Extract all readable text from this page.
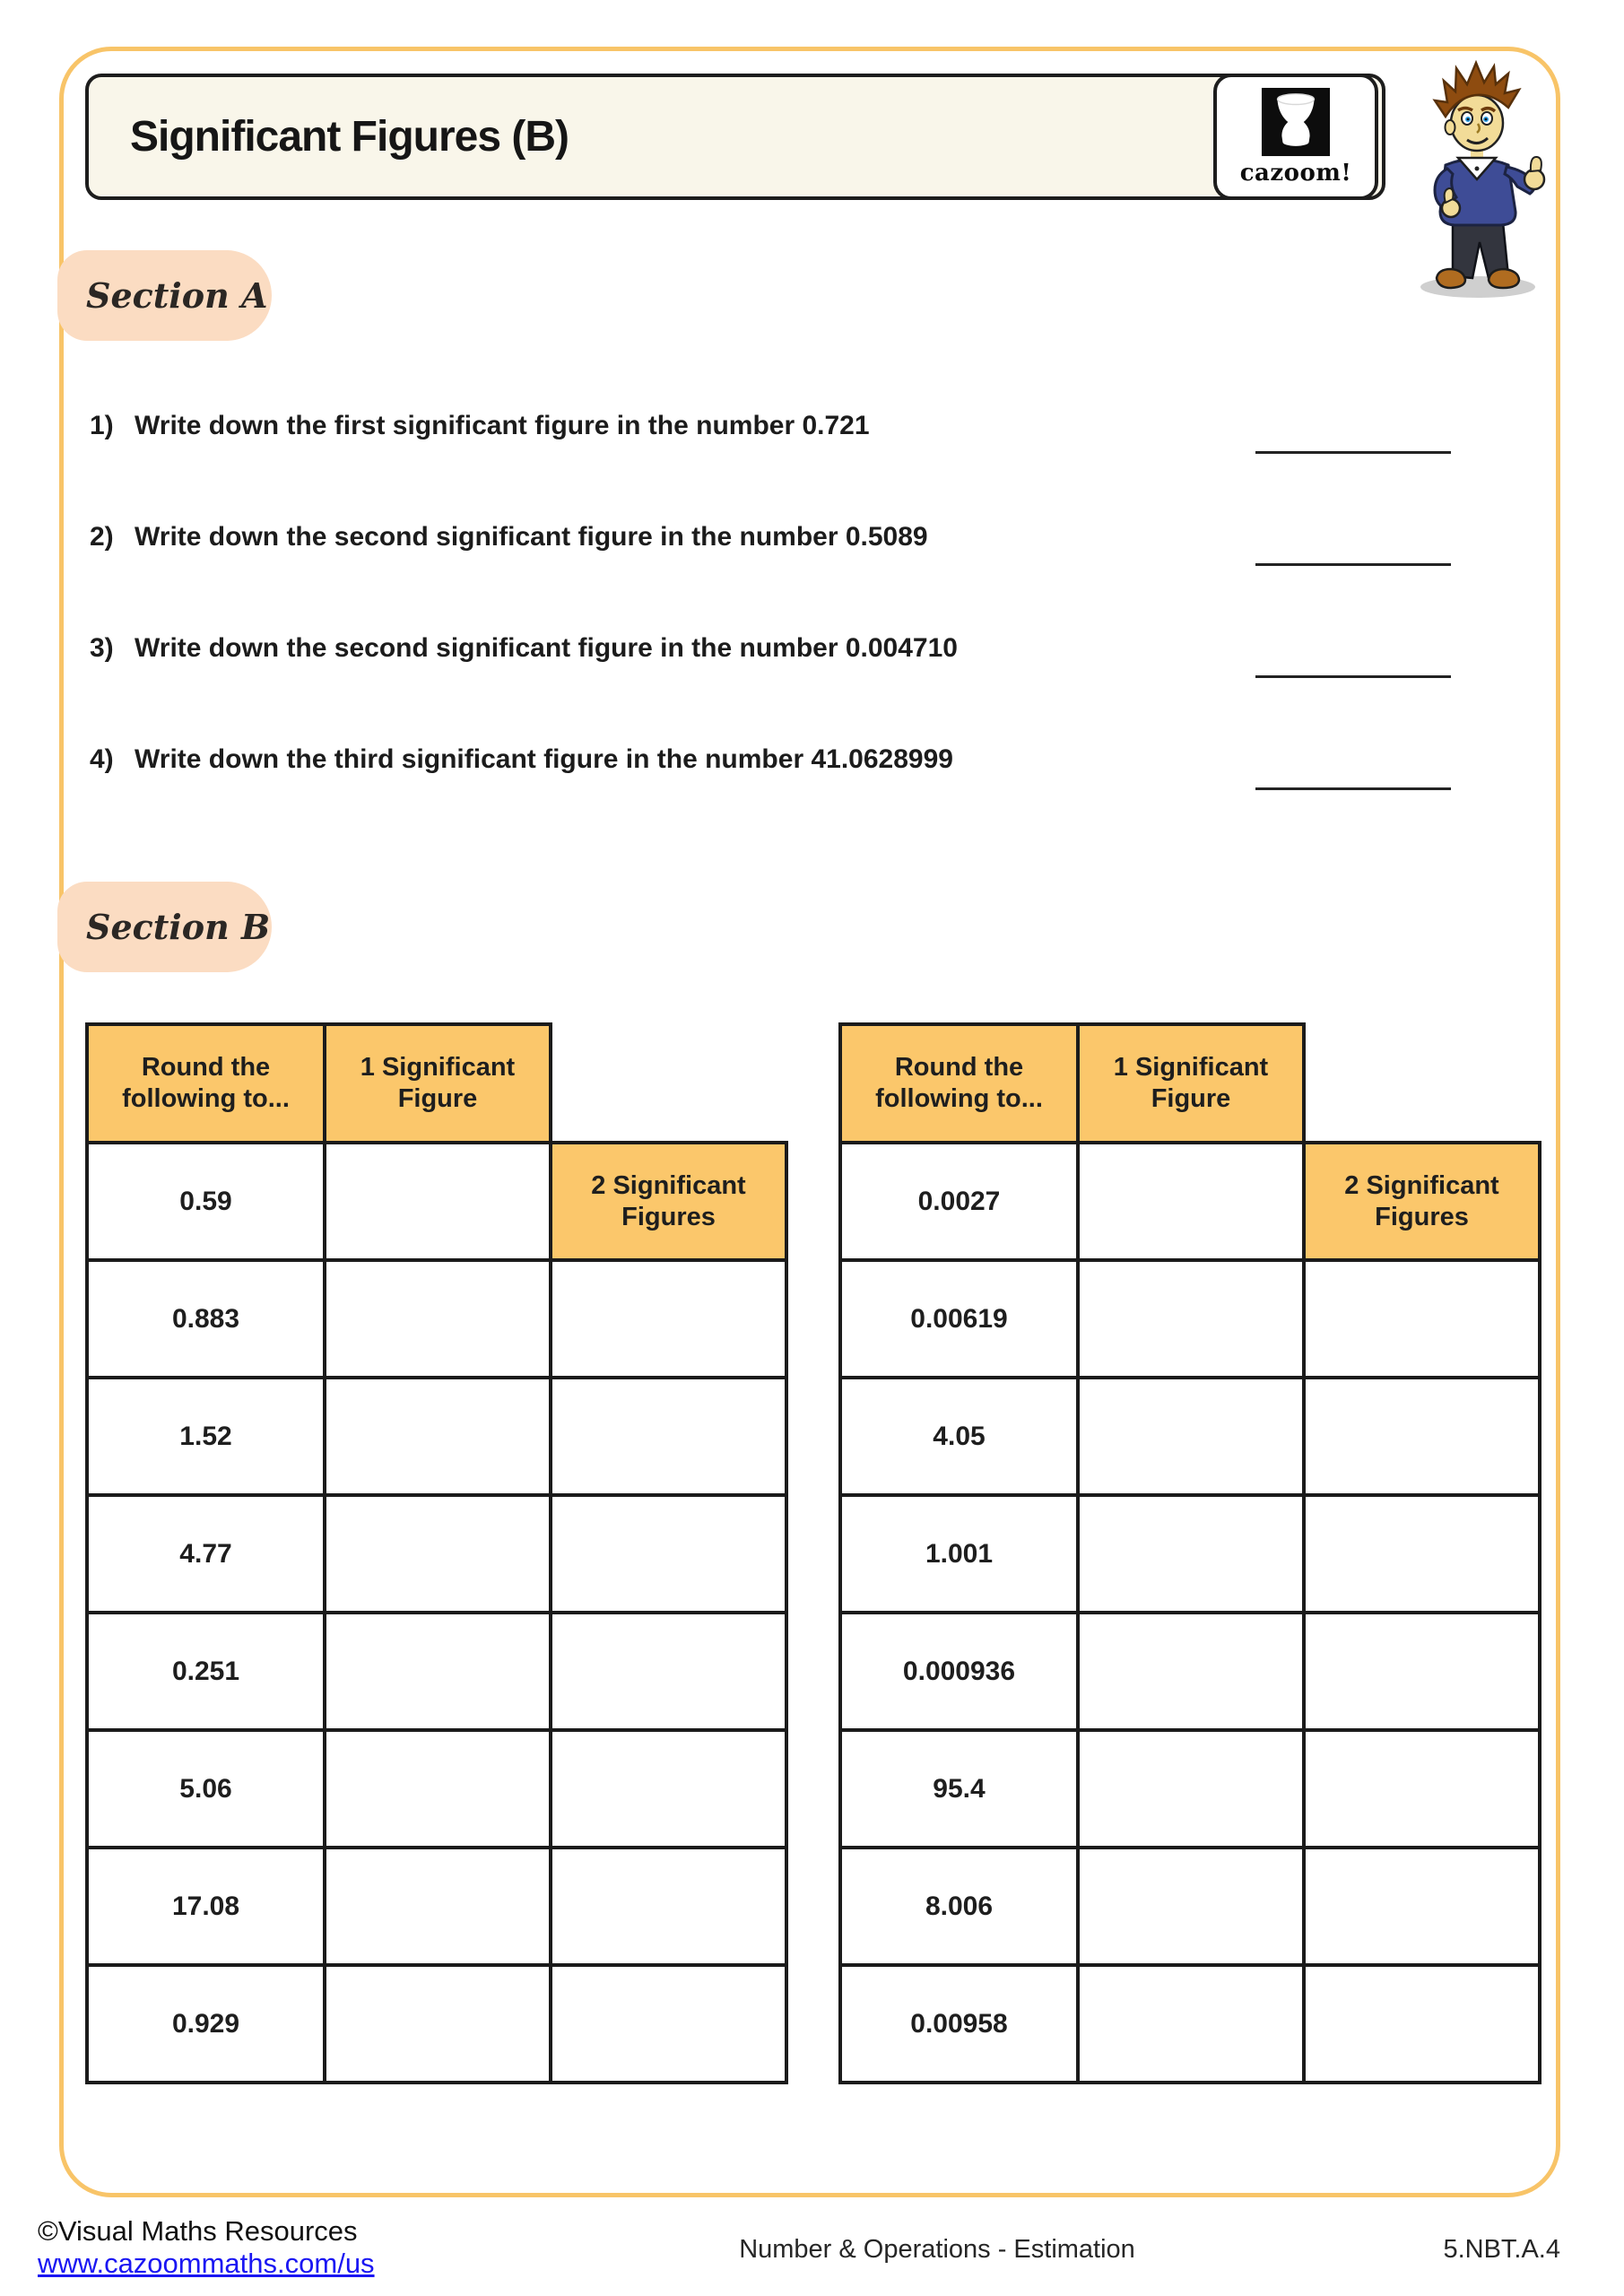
Significant Figures (B)
cazoom!
Section A
1) Write down the first significant figure in the number 0.721
2) Write down the second significant figure in the number 0.5089
3) Write down the second significant figure in the number 0.004710
4) Write down the third significant figure in the number 41.0628999
Section B
Round the following to...	1 Significant Figure	
0.59		2 Significant Figures
0.883		
1.52		
4.77		
0.251		
5.06		
17.08		
0.929		
Round the following to...	1 Significant Figure	
0.0027		2 Significant Figures
0.00619		
4.05		
1.001		
0.000936		
95.4		
8.006		
0.00958		
©Visual Maths Resources
www.cazoommaths.com/us	Number & Operations - Estimation	5.NBT.A.4
